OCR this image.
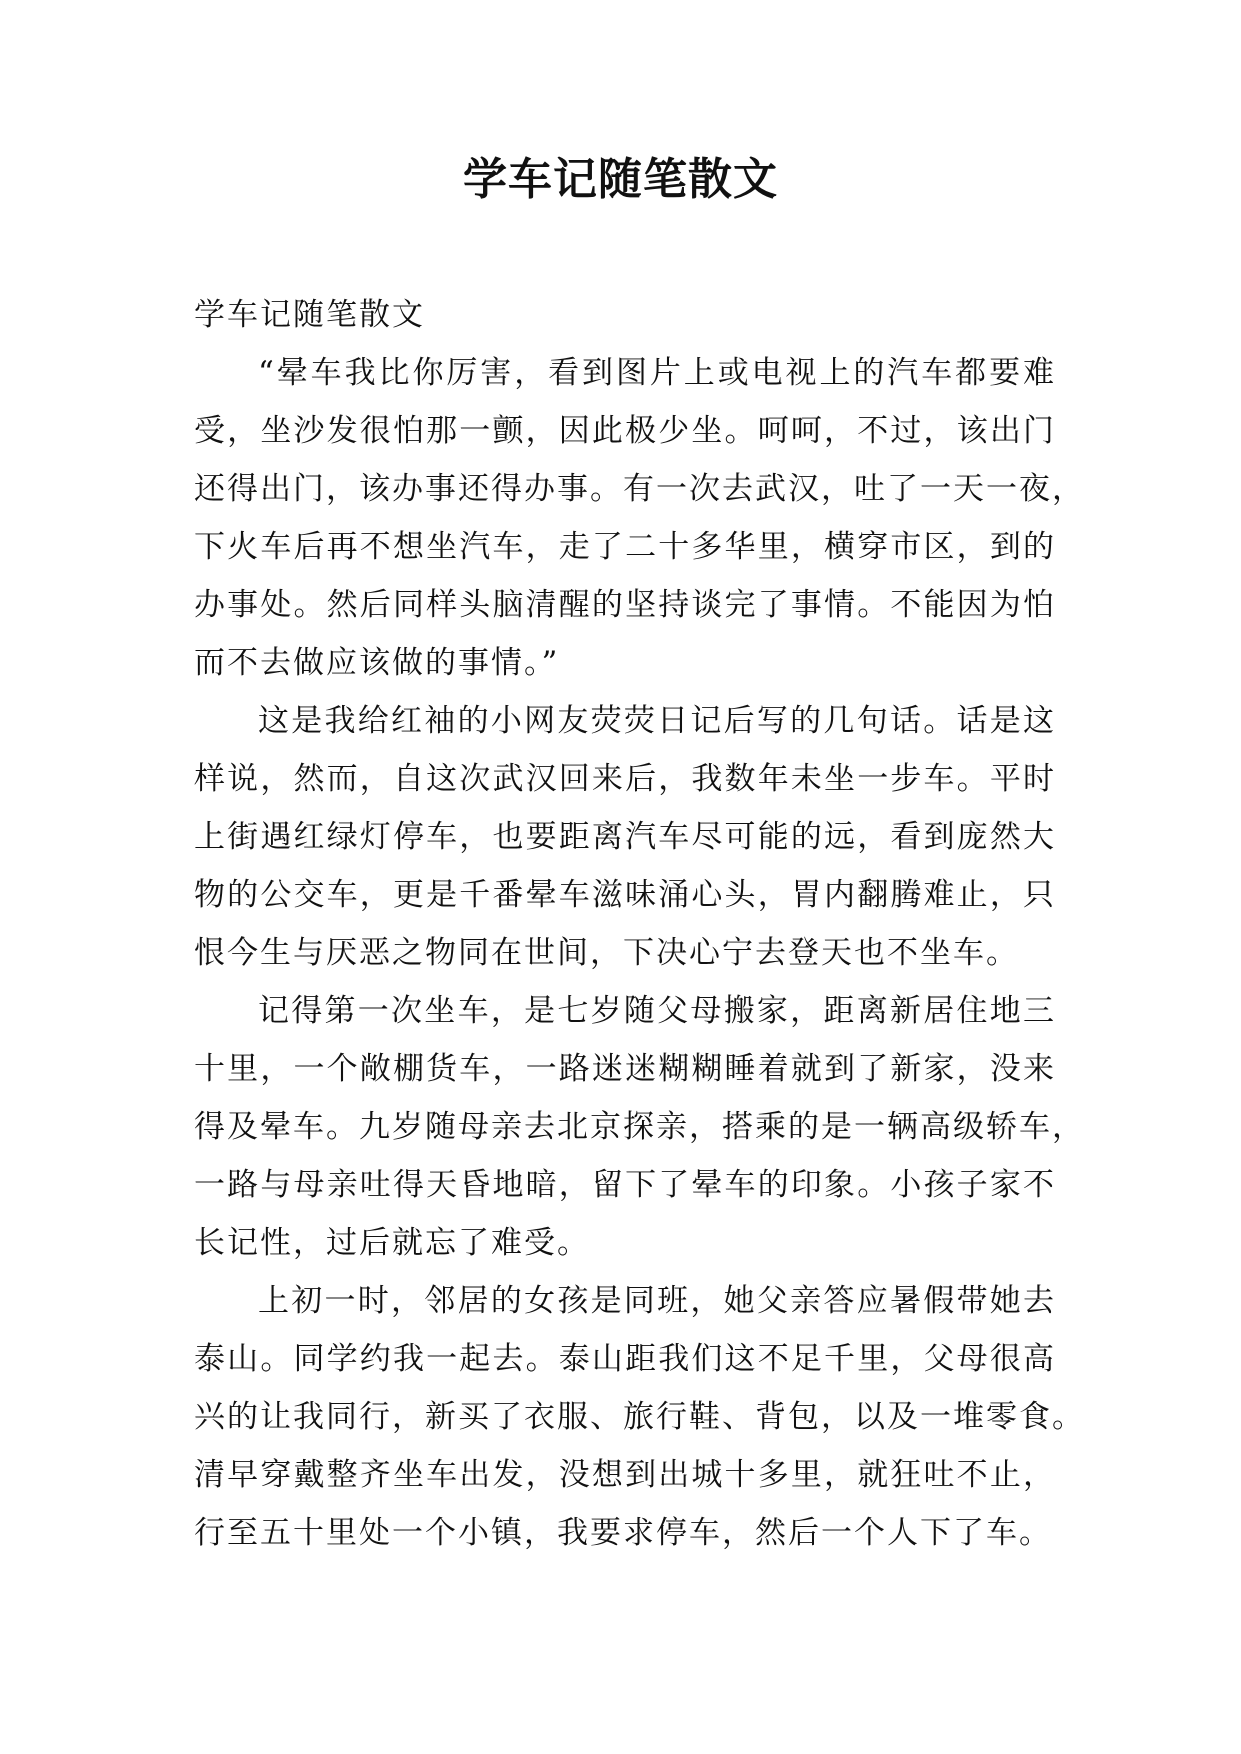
学车记随笔散文

学车记随笔散文

“晕车我比你厉害，看到图片上或电视上的汽车都要难
受，坐沙发很怕那一颤，因此极少坐。呵呵，不过，该出门
还得出门，该办事还得办事。有一次去武汉，吐了一天一夜，
下火车后再不想坐汽车，走了二十多华里，横穿市区，到的
办事处。然后同样头脑清醒的坚持谈完了事情。不能因为怕
而不去做应该做的事情。”
这是我给红袖的小网友荧荧日记后写的几句话。话是这
样说，然而，自这次武汉回来后，我数年未坐一步车。平时
上街遇红绿灯停车，也要距离汽车尽可能的远，看到庞然大
物的公交车，更是千番晕车滋味涌心头，胃内翻腾难止，只
恨今生与厌恶之物同在世间，下决心宁去登天也不坐车。
记得第一次坐车，是七岁随父母搬家，距离新居住地三
十里，一个敞棚货车，一路迷迷糊糊睡着就到了新家，没来
得及晕车。九岁随母亲去北京探亲，搭乘的是一辆高级轿车，
一路与母亲吐得天昏地暗，留下了晕车的印象。小孩子家不
长记性，过后就忘了难受。
上初一时，邻居的女孩是同班，她父亲答应暑假带她去
泰山。同学约我一起去。泰山距我们这不足千里，父母很高
兴的让我同行，新买了衣服、旅行鞋、背包，以及一堆零食。
清早穿戴整齐坐车出发，没想到出城十多里，就狂吐不止，
行至五十里处一个小镇，我要求停车，然后一个人下了车。
